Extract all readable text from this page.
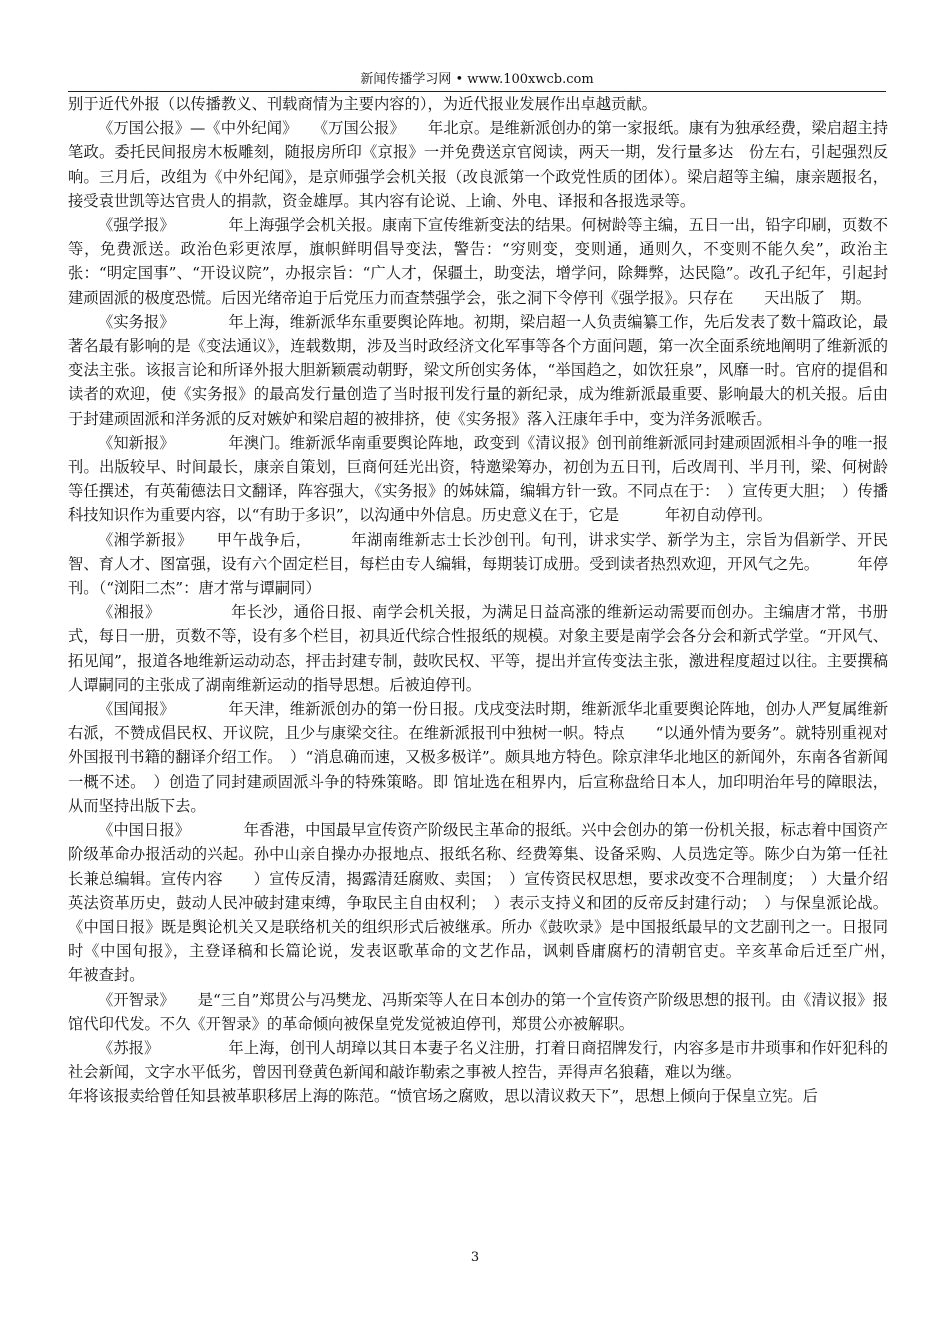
新闻传播学习网 • www.100xwcb.com

别于近代外报（以传播教义、刊载商情为主要内容的），为近代报业发展作出卓越贡献。

《万国公报》—《中外纪闻》　　《万国公报》　　年北京。是维新派创办的第一家报纸。康有为独承经费，梁启超主持笔政。委托民间报房木板雕刻，随报房所印《京报》一并免费送京官阅读，两天一期，发行量多达　份左右，引起强烈反响。三月后，改组为《中外纪闻》，是京师强学会机关报（改良派第一个政党性质的团体）。梁启超等主编，康亲题报名，接受袁世凯等达官贵人的捐款，资金雄厚。其内容有论说、上谕、外电、译报和各报选录等。

《强学报》　　　　年上海强学会机关报。康南下宣传维新变法的结果。何树龄等主编，五日一出，铅字印刷，页数不等，免费派送。政治色彩更浓厚，旗帜鲜明倡导变法，警告：“穷则变，变则通，通则久，不变则不能久矣”，政治主张：“明定国事”、“开设议院”，办报宗旨：“广人才，保疆土，助变法，增学问，除舞弊，达民隐”。改孔子纪年，引起封建顽固派的极度恐慌。后因光绪帝迫于后党压力而查禁强学会，张之洞下令停刊《强学报》。只存在　　天出版了　期。

《实务报》　　　　年上海，维新派华东重要舆论阵地。初期，梁启超一人负责编纂工作，先后发表了数十篇政论，最著名最有影响的是《变法通议》，连载数期，涉及当时政经济文化军事等各个方面问题，第一次全面系统地阐明了维新派的变法主张。该报言论和所译外报大胆新颖震动朝野，梁文所创实务体，“举国趋之，如饮狂泉”，风靡一时。官府的提倡和读者的欢迎，使《实务报》的最高发行量创造了当时报刊发行量的新纪录，成为维新派最重要、影响最大的机关报。后由于封建顽固派和洋务派的反对嫉妒和梁启超的被排挤，使《实务报》落入汪康年手中，变为洋务派喉舌。

《知新报》　　　　年澳门。维新派华南重要舆论阵地，政变到《清议报》创刊前维新派同封建顽固派相斗争的唯一报刊。出版较早、时间最长，康亲自策划，巨商何廷光出资，特邀梁筹办，初创为五日刊，后改周刊、半月刊，梁、何树龄等任撰述，有英葡德法日文翻译，阵容强大，《实务报》的姊妹篇，编辑方针一致。不同点在于：　）宣传更大胆；　）传播科技知识作为重要内容，以“有助于多识”，以沟通中外信息。历史意义在于，它是　　　年初自动停刊。

《湘学新报》　　甲午战争后，　　　年湖南维新志士长沙创刊。旬刊，讲求实学、新学为主，宗旨为倡新学、开民智、育人才、图富强，设有六个固定栏目，每栏由专人编辑，每期装订成册。受到读者热烈欢迎，开风气之先。　　　年停刊。（“浏阳二杰”：唐才常与谭嗣同）

《湘报》　　　　　年长沙，通俗日报、南学会机关报，为满足日益高涨的维新运动需要而创办。主编唐才常，书册式，每日一册，页数不等，设有多个栏目，初具近代综合性报纸的规模。对象主要是南学会各分会和新式学堂。“开风气、拓见闻”，报道各地维新运动动态，抨击封建专制，鼓吹民权、平等，提出并宣传变法主张，激进程度超过以往。主要撰稿人谭嗣同的主张成了湖南维新运动的指导思想。后被迫停刊。

《国闻报》　　　　年天津，维新派创办的第一份日报。戊戌变法时期，维新派华北重要舆论阵地，创办人严复属维新右派，不赞成倡民权、开议院，且少与康梁交往。在维新派报刊中独树一帜。特点　　“以通外情为要务”。就特别重视对外国报刊书籍的翻译介绍工作。　）“消息确而速，又极多极详”。颇具地方特色。除京津华北地区的新闻外，东南各省新闻一概不述。　）创造了同封建顽固派斗争的特殊策略。即 馆址选在租界内，后宣称盘给日本人，加印明治年号的障眼法，从而坚持出版下去。

《中国日报》　　　　年香港，中国最早宣传资产阶级民主革命的报纸。兴中会创办的第一份机关报，标志着中国资产阶级革命办报活动的兴起。孙中山亲自操办办报地点、报纸名称、经费筹集、设备采购、人员选定等。陈少白为第一任社长兼总编辑。宣传内容　　）宣传反清，揭露清廷腐败、卖国；　）宣传资民权思想，要求改变不合理制度；　）大量介绍英法资革历史，鼓动人民冲破封建束缚，争取民主自由权利；　）表示支持义和团的反帝反封建行动；　）与保皇派论战。《中国日报》既是舆论机关又是联络机关的组织形式后被继承。所办《鼓吹录》是中国报纸最早的文艺副刊之一。日报同时《中国旬报》，主登译稿和长篇论说，发表讴歌革命的文艺作品，讽刺昏庸腐朽的清朝官吏。辛亥革命后迁至广州，　　　年被查封。

《开智录》　　是“三自”郑贯公与冯樊龙、冯斯栾等人在日本创办的第一个宣传资产阶级思想的报刊。由《清议报》报馆代印代发。不久《开智录》的革命倾向被保皇党发觉被迫停刊，郑贯公亦被解职。

《苏报》　　　　　年上海，创刊人胡璋以其日本妻子名义注册，打着日商招牌发行，内容多是市井琐事和作奸犯科的社会新闻，文字水平低劣，曾因刊登黄色新闻和敲诈勒索之事被人控告，弄得声名狼藉，难以为继。

年将该报卖给曾任知县被革职移居上海的陈范。“愤官场之腐败，思以清议救天下”，思想上倾向于保皇立宪。后

3
